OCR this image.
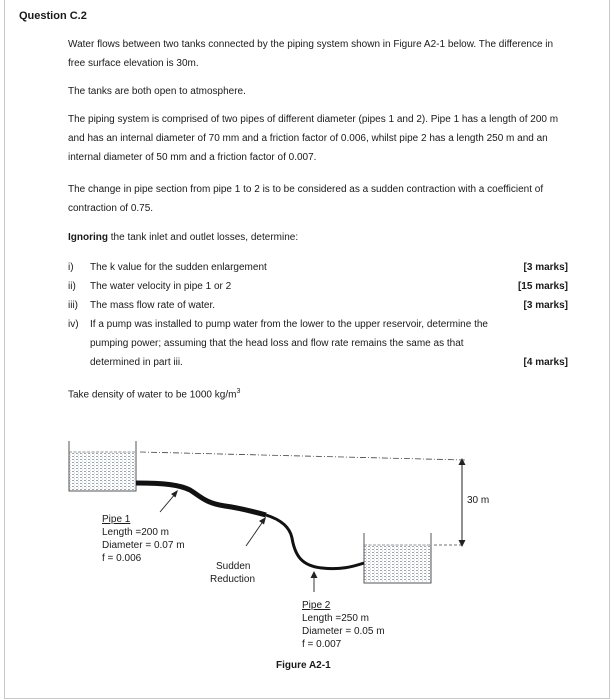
Question C.2

Water flows between two tanks connected by the piping system shown in Figure A2-1 below. The difference in free surface elevation is 30m.

The tanks are both open to atmosphere.

The piping system is comprised of two pipes of different diameter (pipes 1 and 2). Pipe 1 has a length of 200 m and has an internal diameter of 70 mm and a friction factor of 0.006, whilst pipe 2 has a length 250 m and an internal diameter of 50 mm and a friction factor of 0.007.

The change in pipe section from pipe 1 to 2 is to be considered as a sudden contraction with a coefficient of contraction of 0.75.

Ignoring the tank inlet and outlet losses, determine:

i) The k value for the sudden enlargement	[3 marks]
ii) The water velocity in pipe 1 or 2	[15 marks]
iii) The mass flow rate of water.	[3 marks]
iv) If a pump was installed to pump water from the lower to the upper reservoir, determine the pumping power; assuming that the head loss and flow rate remains the same as that determined in part iii.	[4 marks]

Take density of water to be 1000 $kg/m^3$

30 m
Pipe 1
Length =200 m
Diameter = 0.07 m
f = 0.006
Sudden
Reduction
Pipe 2
Length =250 m
Diameter = 0.05 m
f = 0.007
Figure A2-1
